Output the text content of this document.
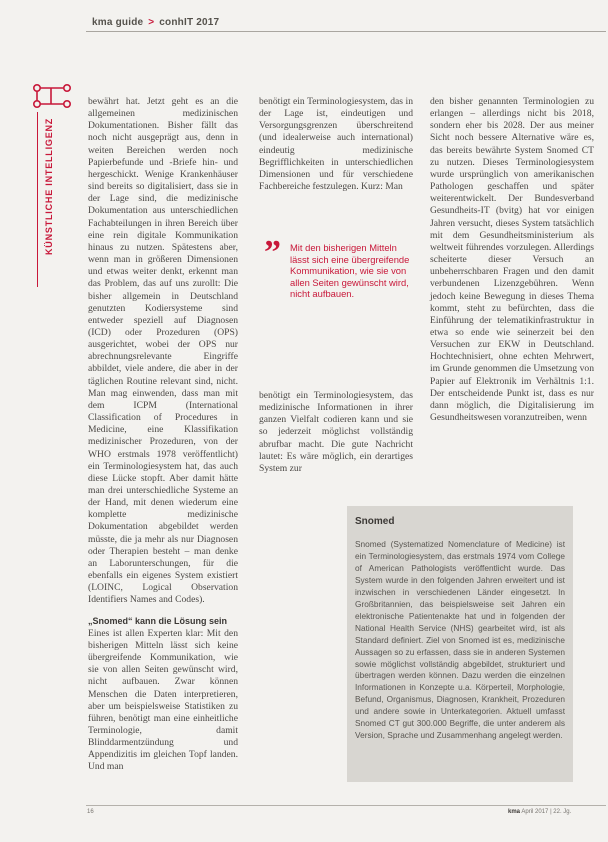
kma guide > conhIT 2017
KÜNSTLICHE INTELLIGENZ

bewährt hat. Jetzt geht es an die allgemeinen medizinischen Dokumentationen. Bisher fällt das noch nicht ausgeprägt aus, denn in weiten Bereichen werden noch Papierbefunde und -Briefe hin- und hergeschickt. Wenige Krankenhäuser sind bereits so digitalisiert, dass sie in der Lage sind, die medizinische Dokumentation aus unterschiedlichen Fachabteilungen in ihren Bereich über eine rein digitale Kommunikation hinaus zu nutzen. Spätestens aber, wenn man in größeren Dimensionen und etwas weiter denkt, erkennt man das Problem, das auf uns zurollt: Die bisher allgemein in Deutschland genutzten Kodiersysteme sind entweder speziell auf Diagnosen (ICD) oder Prozeduren (OPS) ausgerichtet, wobei der OPS nur abrechnungsrelevante Eingriffe abbildet, viele andere, die aber in der täglichen Routine relevant sind, nicht. Man mag einwenden, dass man mit dem ICPM (International Classification of Procedures in Medicine, eine Klassifikation medizinischer Prozeduren, von der WHO erstmals 1978 veröffentlicht) ein Terminologiesystem hat, das auch diese Lücke stopft. Aber damit hätte man drei unterschiedliche Systeme an der Hand, mit denen wiederum eine komplette medizinische Dokumentation abgebildet werden müsste, die ja mehr als nur Diagnosen oder Therapien besteht – man denke an Laborunterschungen, für die ebenfalls ein eigenes System existiert (LOINC, Logical Observation Identifiers Names and Codes).

„Snomed“ kann die Lösung sein

Eines ist allen Experten klar: Mit den bisherigen Mitteln lässt sich keine übergreifende Kommunikation, wie sie von allen Seiten gewünscht wird, nicht aufbauen. Zwar können Menschen die Daten interpretieren, aber um beispielsweise Statistiken zu führen, benötigt man eine einheitliche Terminologie, damit Blinddarmentzündung und Appendizitis im gleichen Topf landen. Und man

benötigt ein Terminologiesystem, das in der Lage ist, eindeutigen und Versorgungsgrenzen überschreitend (und idealerweise auch international) eindeutig medizinische Begrifflichkeiten in unterschiedlichen Dimensionen und für verschiedene Fachbereiche festzulegen. Kurz: Man

” Mit den bisherigen Mitteln lässt sich eine übergreifende Kommunikation, wie sie von allen Seiten gewünscht wird, nicht aufbauen.

benötigt ein Terminologiesystem, das medizinische Informationen in ihrer ganzen Vielfalt codieren kann und sie so jederzeit möglichst vollständig abrufbar macht. Die gute Nachricht lautet: Es wäre möglich, ein derartiges System zur

den bisher genannten Terminologien zu erlangen – allerdings nicht bis 2018, sondern eher bis 2028. Der aus meiner Sicht noch bessere Alternative wäre es, das bereits bewährte System Snomed CT zu nutzen. Dieses Terminologiesystem wurde ursprünglich von amerikanischen Pathologen geschaffen und später weiterentwickelt. Der Bundesverband Gesundheits-IT (bvitg) hat vor einigen Jahren versucht, dieses System tatsächlich mit dem Gesundheitsministerium als weltweit führendes vorzulegen. Allerdings scheiterte dieser Versuch an unbeherrschbaren Fragen und den damit verbundenen Lizenzgebühren. Wenn jedoch keine Bewegung in dieses Thema kommt, steht zu befürchten, dass die Einführung der telematikinfrastruktur in etwa so ende wie seinerzeit bei den Versuchen zur EKW in Deutschland. Hochtechnisiert, ohne echten Mehrwert, im Grunde genommen die Umsetzung von Papier auf Elektronik im Verhältnis 1:1. Der entscheidende Punkt ist, dass es nur dann möglich, die Digitalisierung im Gesundheitswesen voranzutreiben, wenn

Snomed
Snomed (Systematized Nomenclature of Medicine) ist ein Terminologiesystem, das erstmals 1974 vom College of American Pathologists veröffentlicht wurde. Das System wurde in den folgenden Jahren erweitert und ist inzwischen in verschiedenen Länder eingesetzt. In Großbritannien, das beispielsweise seit Jahren ein elektronische Patientenakte hat und in folgenden der National Health Service (NHS) gearbeitet wird, ist als Standard definiert. Ziel von Snomed ist es, medizinische Aussagen so zu erfassen, dass sie in anderen Systemen sowie möglichst vollständig abgebildet, strukturiert und übertragen werden können. Dazu werden die einzelnen Informationen in Konzepte u.a. Körperteil, Morphologie, Befund, Organismus, Diagnosen, Krankheit, Prozeduren und andere sowie in Unterkategorien. Aktuell umfasst Snomed CT gut 300.000 Begriffe, die unter anderem als Version, Sprache und Zusammenhang angelegt werden.
16	kma April 2017 | 22. Jg.
